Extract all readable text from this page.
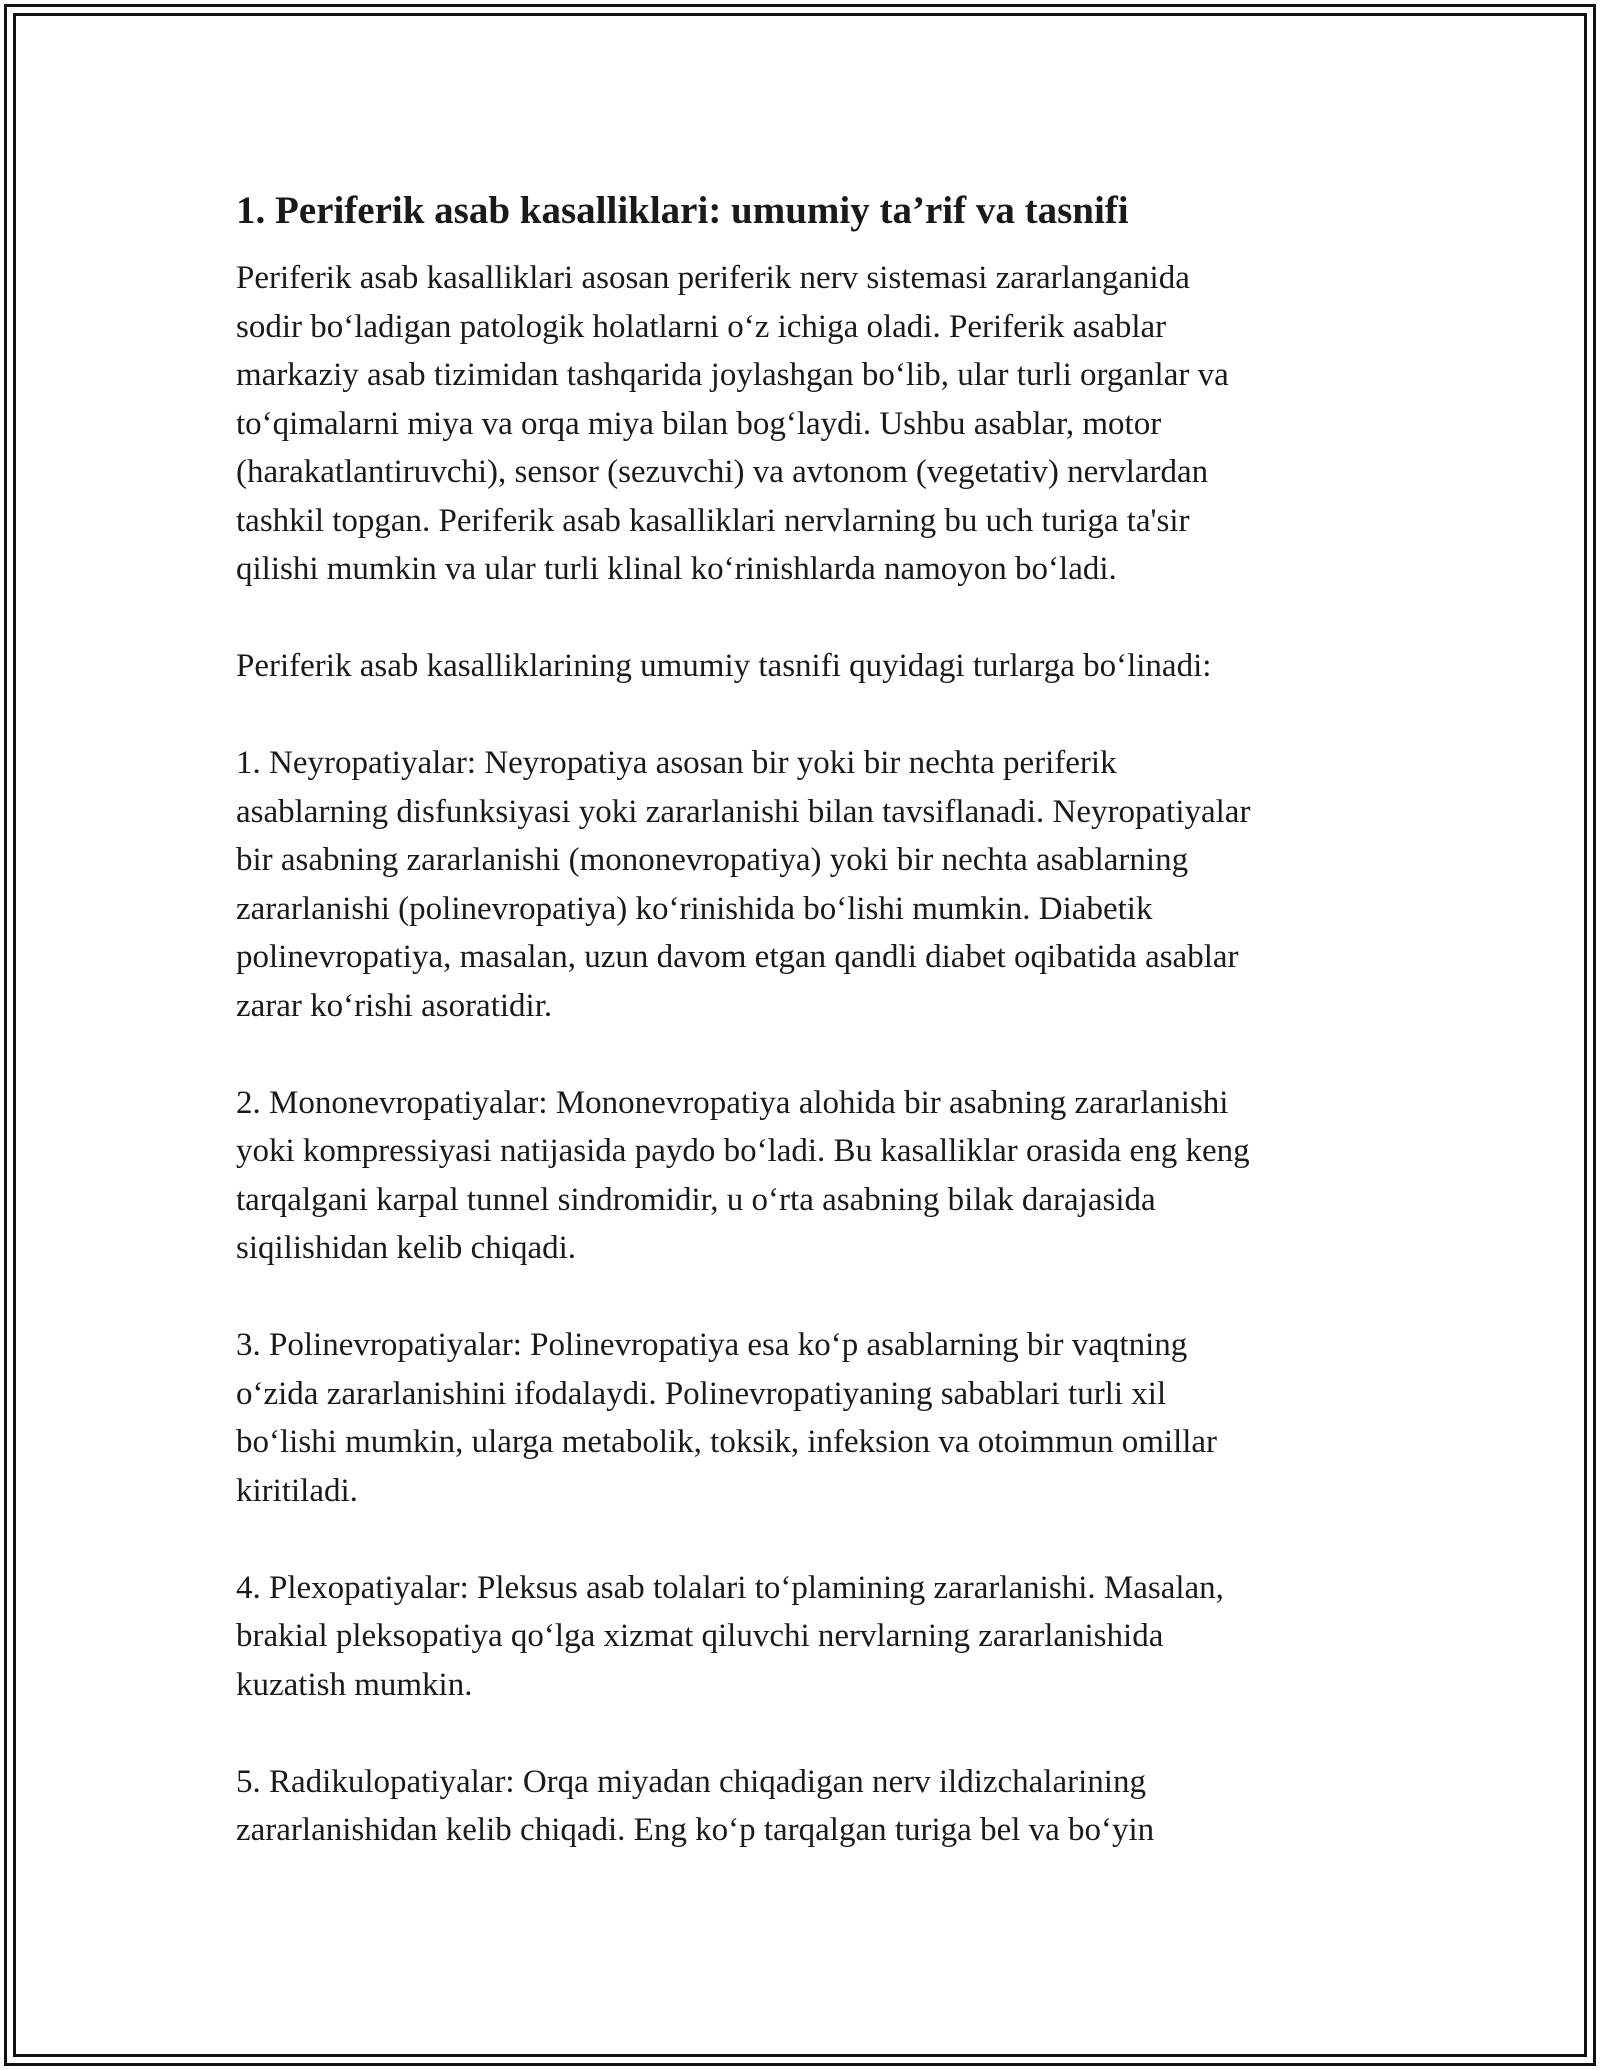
1. Periferik asab kasalliklari: umumiy ta’rif va tasnifi
Periferik asab kasalliklari asosan periferik nerv sistemasi zararlanganida
sodir boʻladigan patologik holatlarni oʻz ichiga oladi. Periferik asablar
markaziy asab tizimidan tashqarida joylashgan boʻlib, ular turli organlar va
toʻqimalarni miya va orqa miya bilan bogʻlaydi. Ushbu asablar, motor
(harakatlantiruvchi), sensor (sezuvchi) va avtonom (vegetativ) nervlardan
tashkil topgan. Periferik asab kasalliklari nervlarning bu uch turiga ta'sir
qilishi mumkin va ular turli klinal koʻrinishlarda namoyon boʻladi.
Periferik asab kasalliklarining umumiy tasnifi quyidagi turlarga boʻlinadi:
1. Neyropatiyalar: Neyropatiya asosan bir yoki bir nechta periferik
asablarning disfunksiyasi yoki zararlanishi bilan tavsiflanadi. Neyropatiyalar
bir asabning zararlanishi (mononevropatiya) yoki bir nechta asablarning
zararlanishi (polinevropatiya) koʻrinishida boʻlishi mumkin. Diabetik
polinevropatiya, masalan, uzun davom etgan qandli diabet oqibatida asablar
zarar koʻrishi asoratidir.
2. Mononevropatiyalar: Mononevropatiya alohida bir asabning zararlanishi
yoki kompressiyasi natijasida paydo boʻladi. Bu kasalliklar orasida eng keng
tarqalgani karpal tunnel sindromidir, u oʻrta asabning bilak darajasida
siqilishidan kelib chiqadi.
3. Polinevropatiyalar: Polinevropatiya esa koʻp asablarning bir vaqtning
oʻzida zararlanishini ifodalaydi. Polinevropatiyaning sabablari turli xil
boʻlishi mumkin, ularga metabolik, toksik, infeksion va otoimmun omillar
kiritiladi.
4. Plexopatiyalar: Pleksus asab tolalari toʻplamining zararlanishi. Masalan,
brakial pleksopatiya qoʻlga xizmat qiluvchi nervlarning zararlanishida
kuzatish mumkin.
5. Radikulopatiyalar: Orqa miyadan chiqadigan nerv ildizchalarining
zararlanishidan kelib chiqadi. Eng koʻp tarqalgan turiga bel va boʻyin
